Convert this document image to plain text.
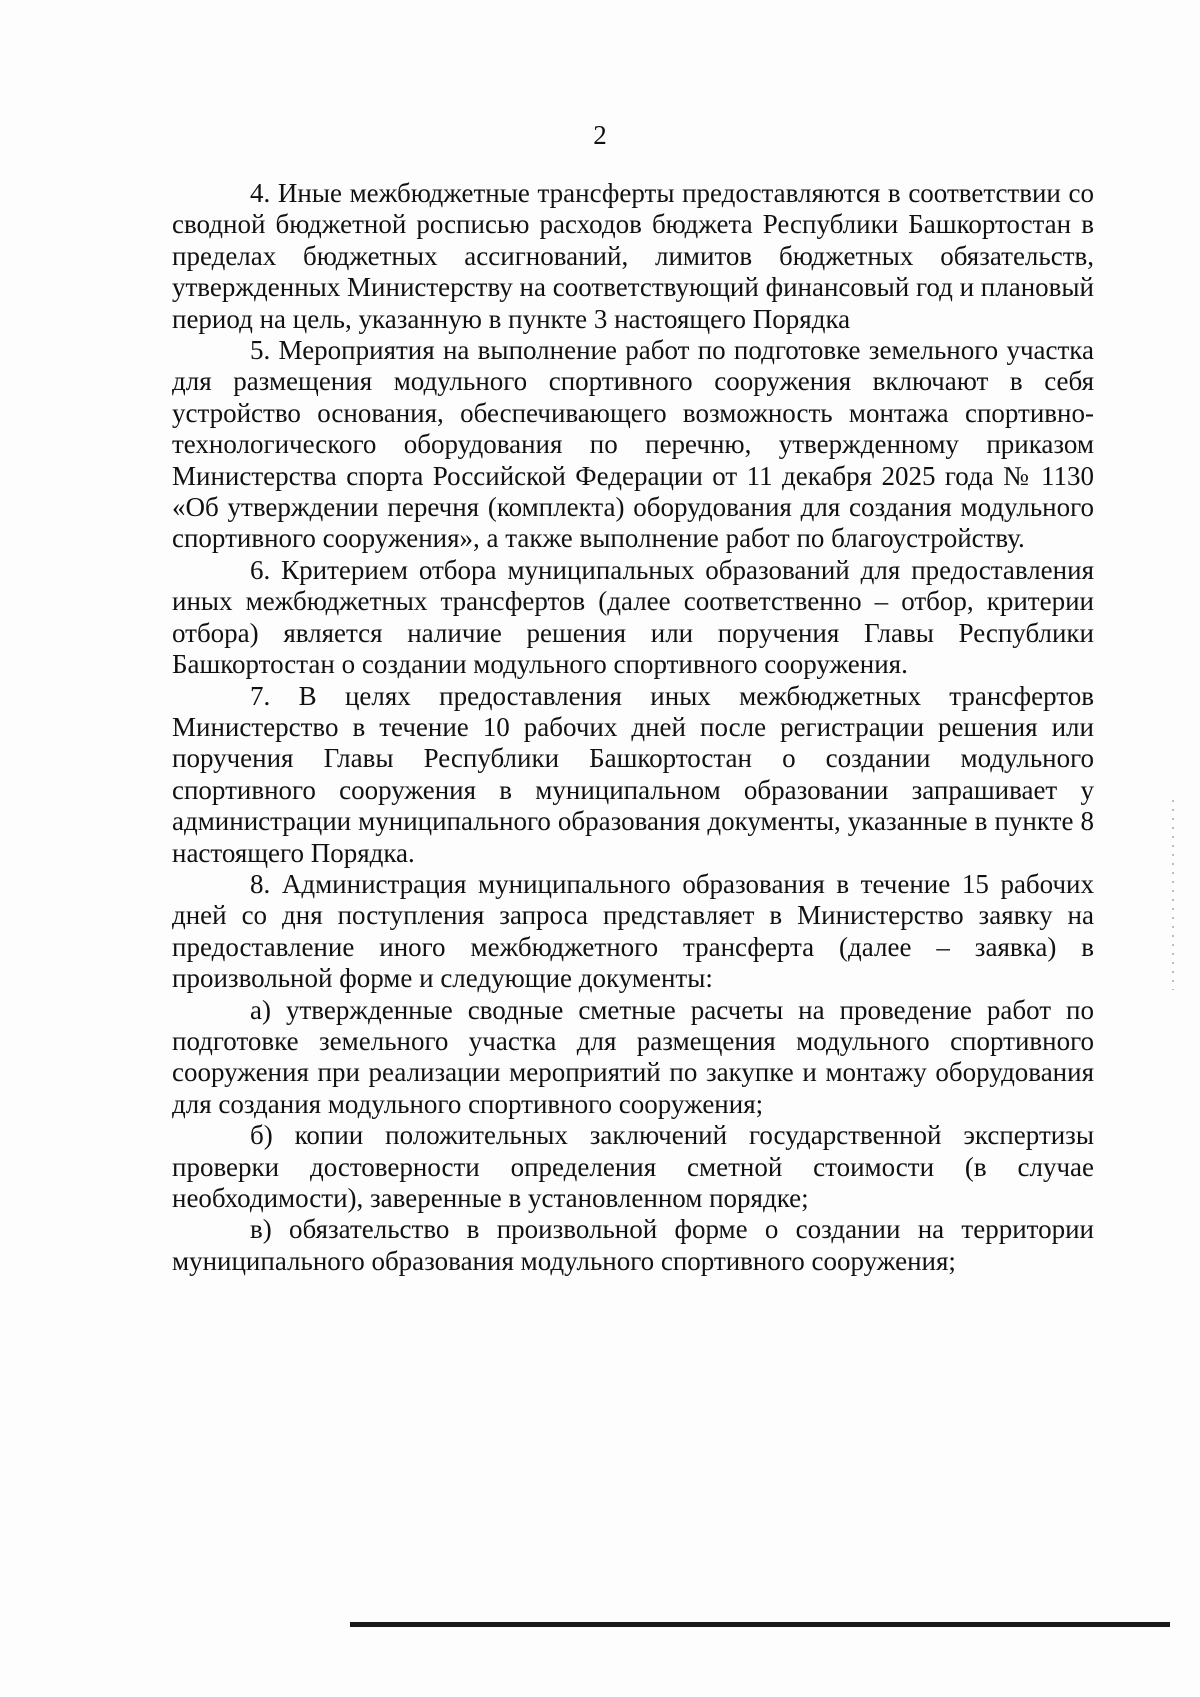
2

4. Иные межбюджетные трансферты предоставляются в соответствии со сводной бюджетной росписью расходов бюджета Республики Башкортостан в пределах бюджетных ассигнований, лимитов бюджетных обязательств, утвержденных Министерству на соответствующий финансовый год и плановый период на цель, указанную в пункте 3 настоящего Порядка

5. Мероприятия на выполнение работ по подготовке земельного участка для размещения модульного спортивного сооружения включают в себя устройство основания, обеспечивающего возможность монтажа спортивно-технологического оборудования по перечню, утвержденному приказом Министерства спорта Российской Федерации от 11 декабря 2025 года № 1130 «Об утверждении перечня (комплекта) оборудования для создания модульного спортивного сооружения», а также выполнение работ по благоустройству.

6. Критерием отбора муниципальных образований для предоставления иных межбюджетных трансфертов (далее соответственно – отбор, критерии отбора) является наличие решения или поручения Главы Республики Башкортостан о создании модульного спортивного сооружения.

7. В целях предоставления иных межбюджетных трансфертов Министерство в течение 10 рабочих дней после регистрации решения или поручения Главы Республики Башкортостан о создании модульного спортивного сооружения в муниципальном образовании запрашивает у администрации муниципального образования документы, указанные в пункте 8 настоящего Порядка.

8. Администрация муниципального образования в течение 15 рабочих дней со дня поступления запроса представляет в Министерство заявку на предоставление иного межбюджетного трансферта (далее – заявка) в произвольной форме и следующие документы:

а) утвержденные сводные сметные расчеты на проведение работ по подготовке земельного участка для размещения модульного спортивного сооружения при реализации мероприятий по закупке и монтажу оборудования для создания модульного спортивного сооружения;

б) копии положительных заключений государственной экспертизы проверки достоверности определения сметной стоимости (в случае необходимости), заверенные в установленном порядке;

в) обязательство в произвольной форме о создании на территории муниципального образования модульного спортивного сооружения;
